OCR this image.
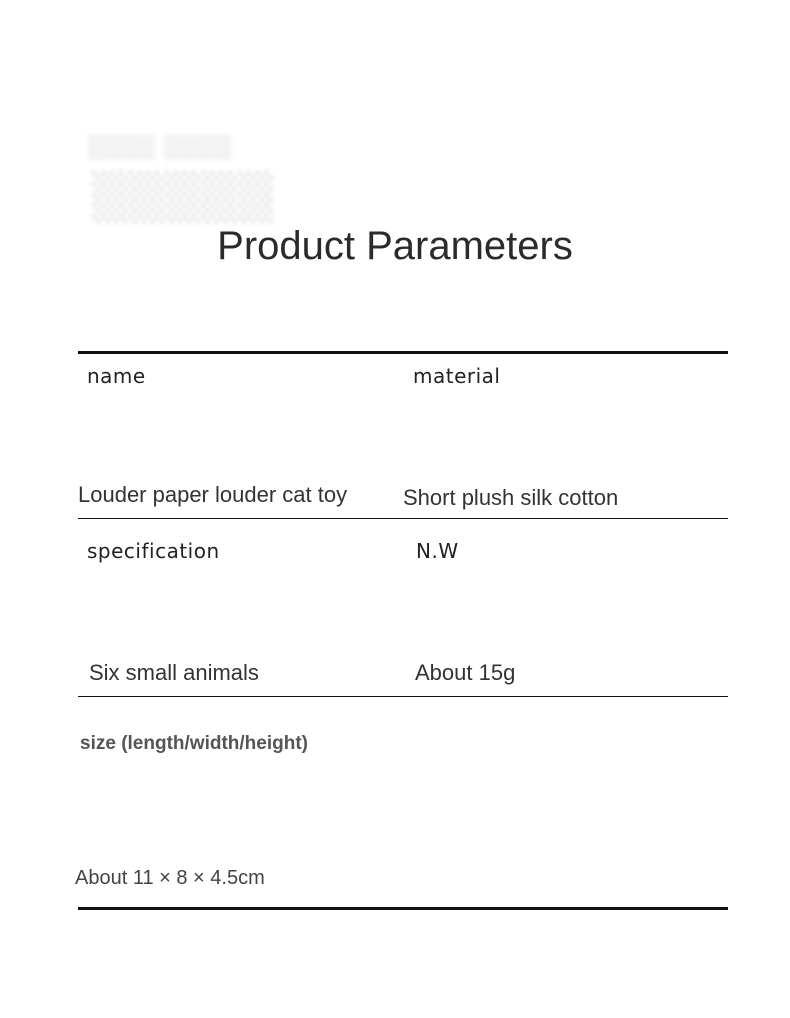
▒▒▒▒ ▒▒▒▒
▒▒▒▒▒
Product Parameters
name	material
Louder paper louder cat toy	Short plush silk cotton
specification	N.W
Six small animals	About 15g
size (length/width/height)
About 11 × 8 × 4.5cm
